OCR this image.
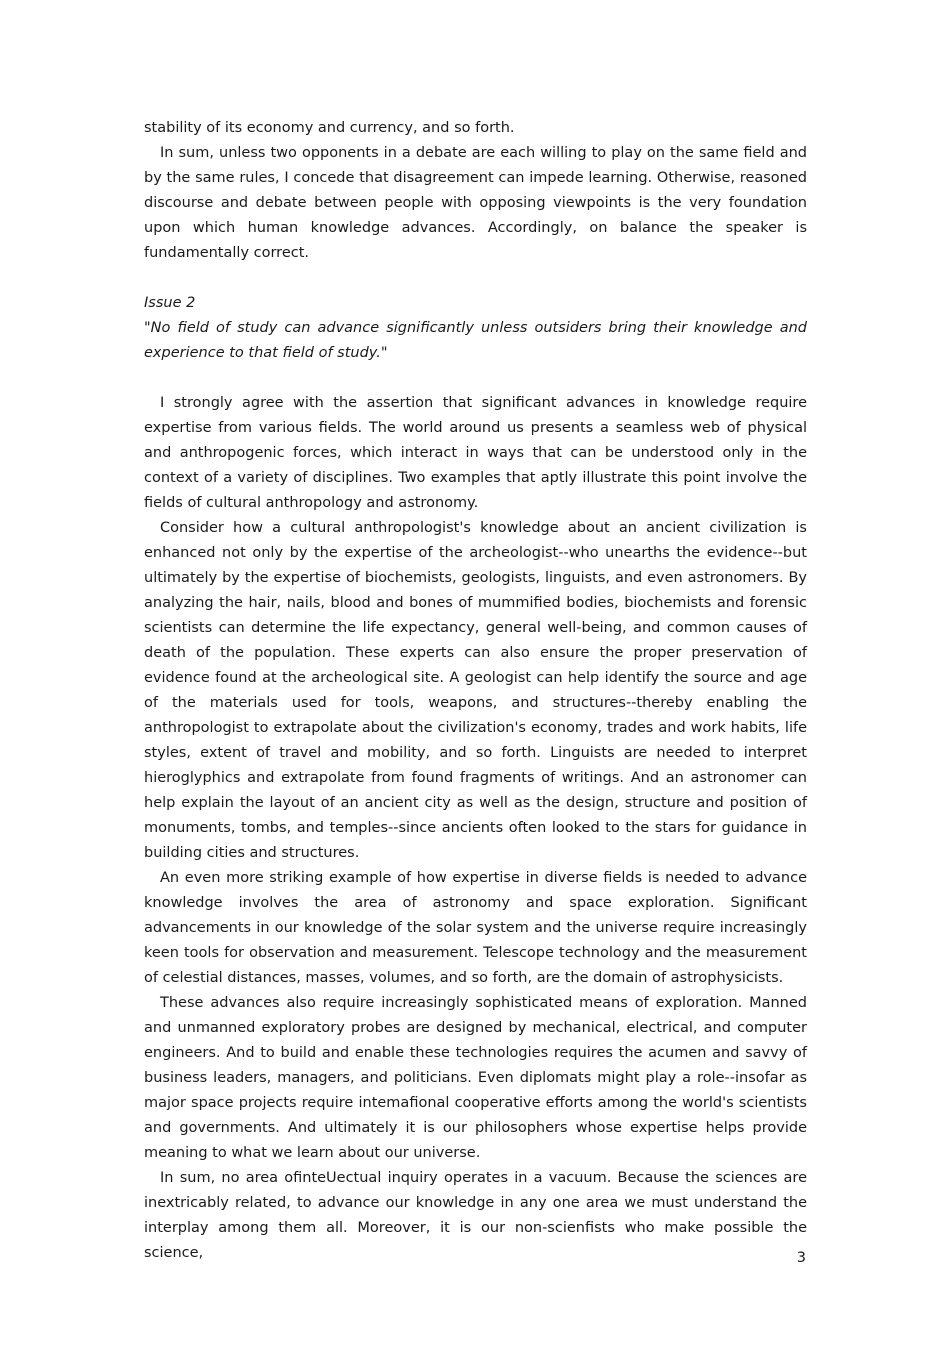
stability of its economy and currency, and so forth.

In sum, unless two opponents in a debate are each willing to play on the same field and by the same rules, I concede that disagreement can impede learning. Otherwise, reasoned discourse and debate between people with opposing viewpoints is the very foundation upon which human knowledge advances. Accordingly, on balance the speaker is fundamentally correct.

Issue 2

"No field of study can advance significantly unless outsiders bring their knowledge and experience to that field of study."

I strongly agree with the assertion that significant advances in knowledge require expertise from various fields. The world around us presents a seamless web of physical and anthropogenic forces, which interact in ways that can be understood only in the context of a variety of disciplines. Two examples that aptly illustrate this point involve the fields of cultural anthropology and astronomy.

Consider how a cultural anthropologist's knowledge about an ancient civilization is enhanced not only by the expertise of the archeologist--who unearths the evidence--but ultimately by the expertise of biochemists, geologists, linguists, and even astronomers. By analyzing the hair, nails, blood and bones of mummified bodies, biochemists and forensic scientists can determine the life expectancy, general well-being, and common causes of death of the population. These experts can also ensure the proper preservation of evidence found at the archeological site. A geologist can help identify the source and age of the materials used for tools, weapons, and structures--thereby enabling the anthropologist to extrapolate about the civilization's economy, trades and work habits, life styles, extent of travel and mobility, and so forth. Linguists are needed to interpret hieroglyphics and extrapolate from found fragments of writings. And an astronomer can help explain the layout of an ancient city as well as the design, structure and position of monuments, tombs, and temples--since ancients often looked to the stars for guidance in building cities and structures.

An even more striking example of how expertise in diverse fields is needed to advance knowledge involves the area of astronomy and space exploration. Significant advancements in our knowledge of the solar system and the universe require increasingly keen tools for observation and measurement. Telescope technology and the measurement of celestial distances, masses, volumes, and so forth, are the domain of astrophysicists.

These advances also require increasingly sophisticated means of exploration. Manned and unmanned exploratory probes are designed by mechanical, electrical, and computer engineers. And to build and enable these technologies requires the acumen and savvy of business leaders, managers, and politicians. Even diplomats might play a role--insofar as major space projects require intemafional cooperative efforts among the world's scientists and governments. And ultimately it is our philosophers whose expertise helps provide meaning to what we learn about our universe.

In sum, no area ofinteUectual inquiry operates in a vacuum. Because the sciences are inextricably related, to advance our knowledge in any one area we must understand the interplay among them all. Moreover, it is our non-scienfists who make possible the science,	3
